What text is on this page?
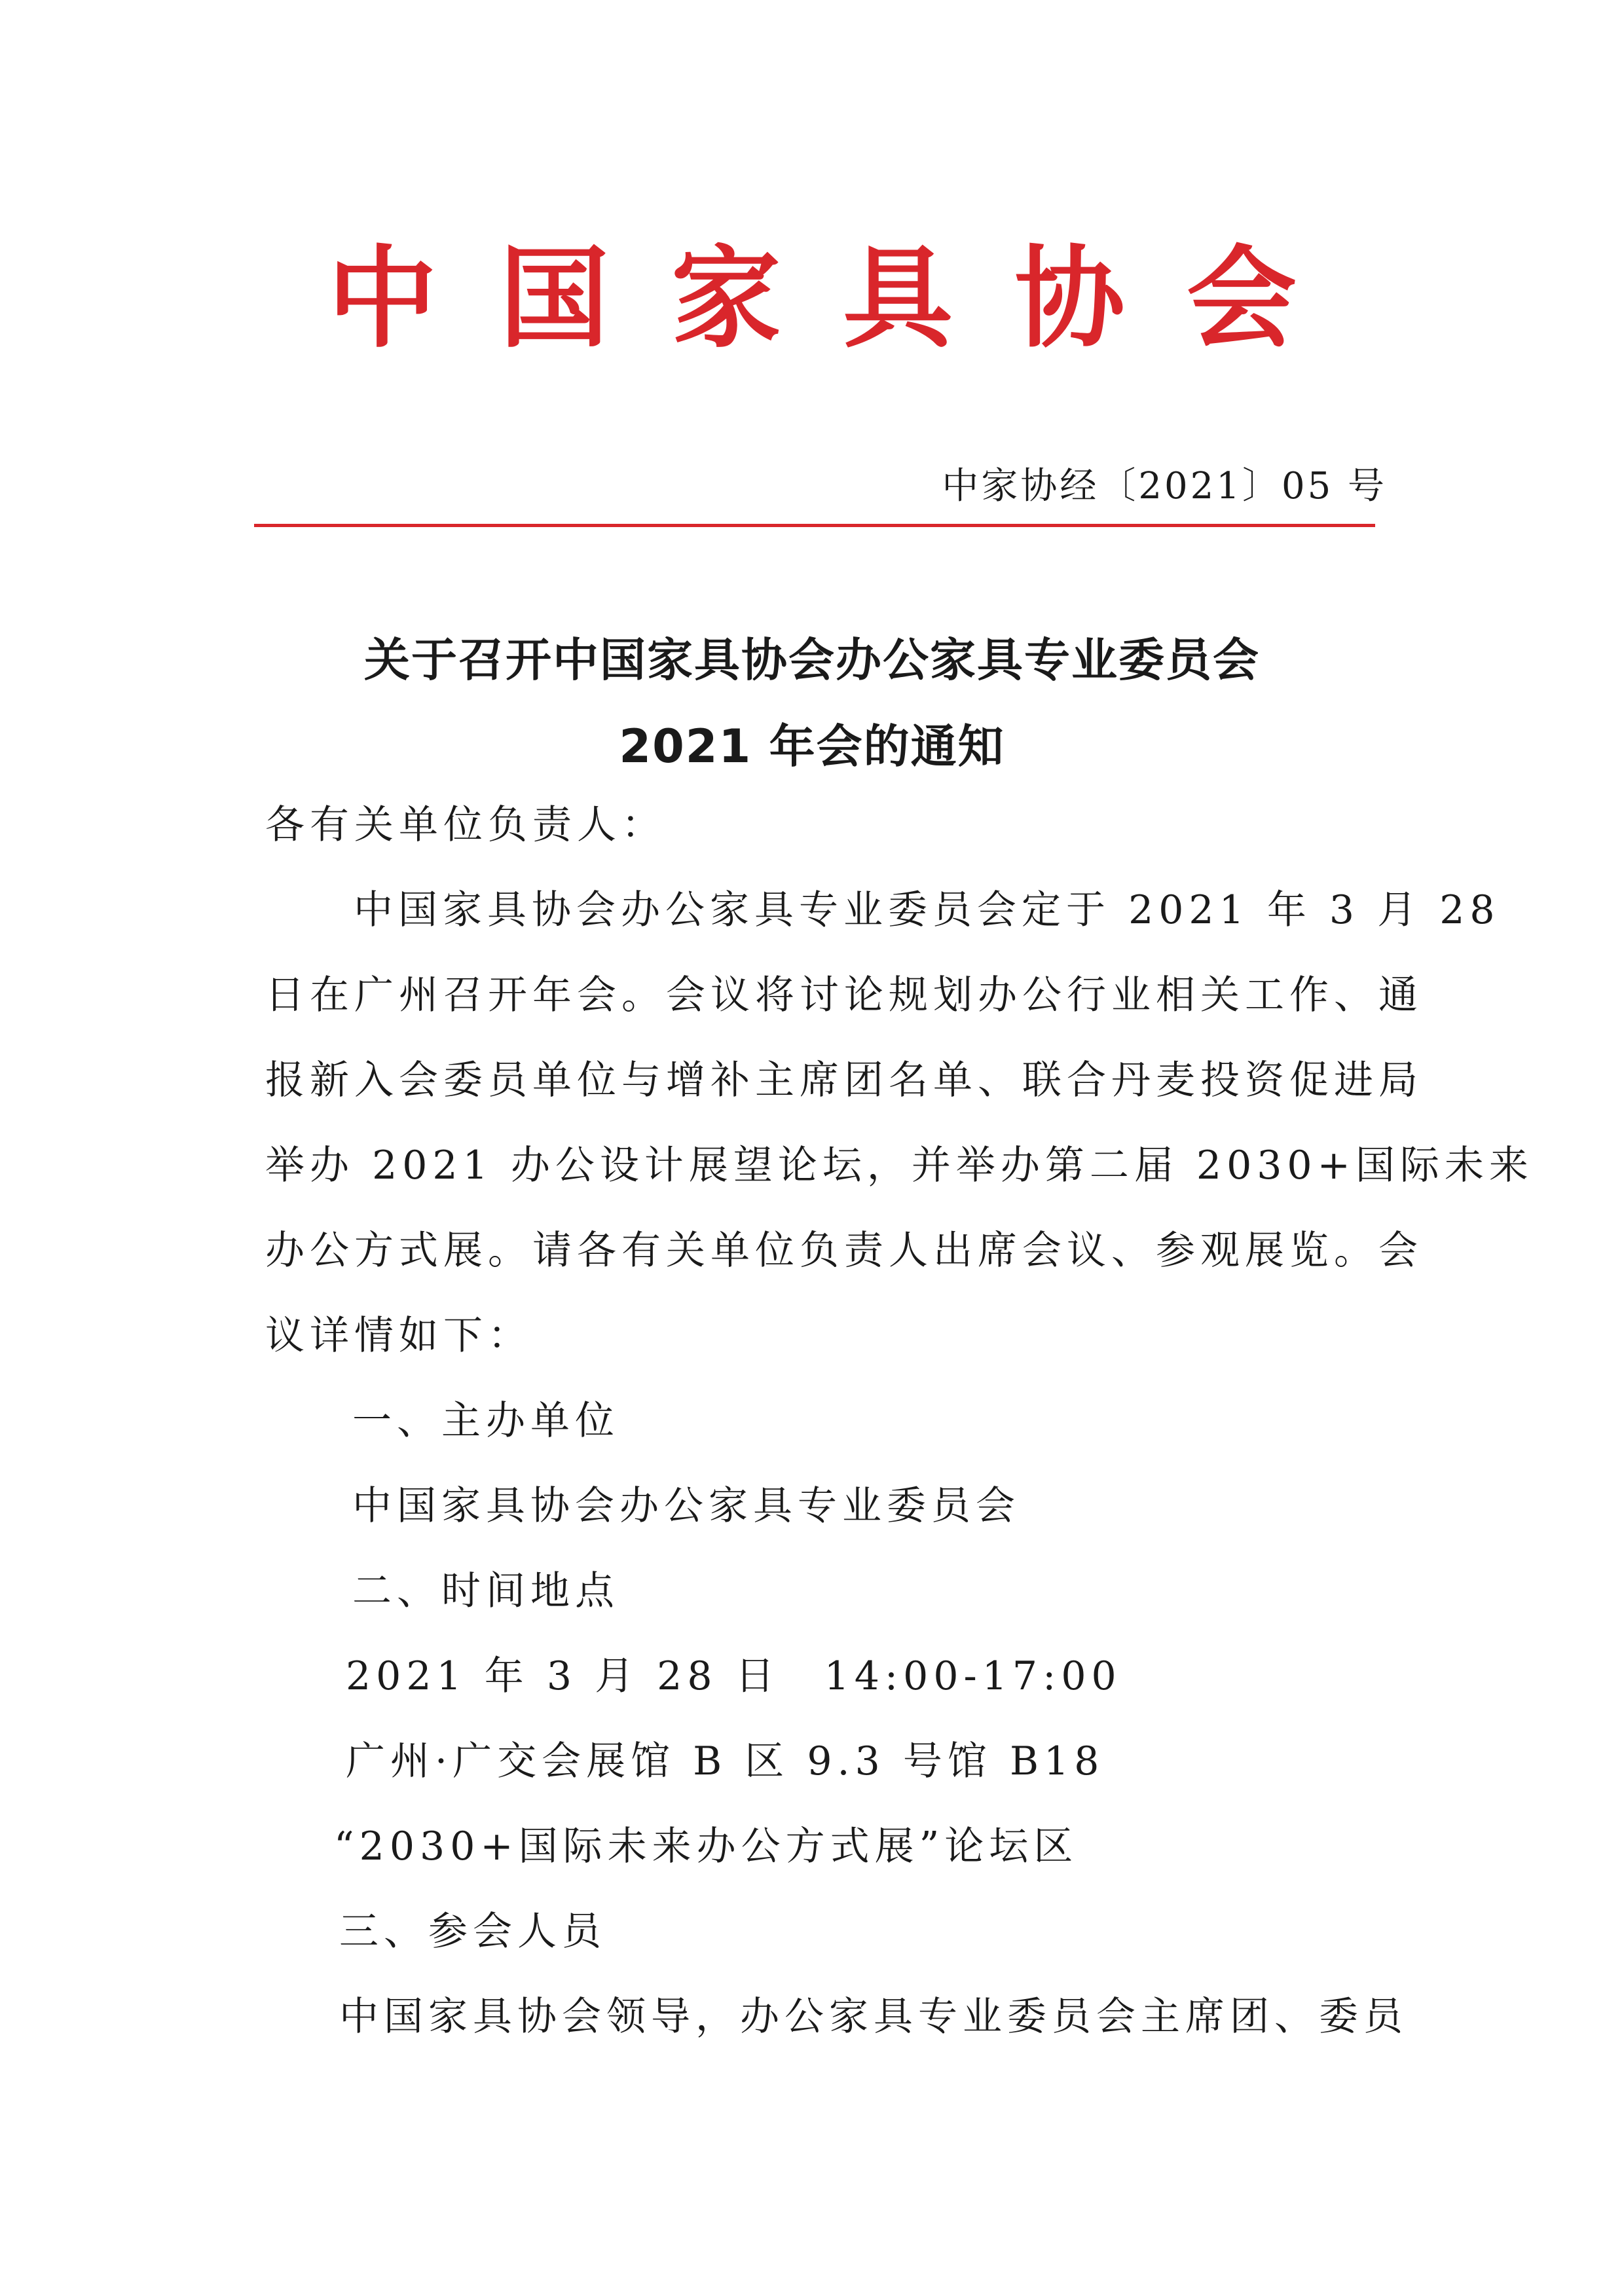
中 国 家 具 协 会
中家协经〔2021〕05 号
关于召开中国家具协会办公家具专业委员会
2021 年会的通知
各有关单位负责人：
中国家具协会办公家具专业委员会定于 2021 年 3 月 28
日在广州召开年会。会议将讨论规划办公行业相关工作、通
报新入会委员单位与增补主席团名单、联合丹麦投资促进局
举办 2021 办公设计展望论坛，并举办第二届 2030+国际未来
办公方式展。请各有关单位负责人出席会议、参观展览。会
议详情如下：
一、主办单位
中国家具协会办公家具专业委员会
二、时间地点
2021 年 3 月 28 日　14:00-17:00
广州·广交会展馆 B 区 9.3 号馆 B18
“2030+国际未来办公方式展”论坛区
三、参会人员
中国家具协会领导，办公家具专业委员会主席团、委员
